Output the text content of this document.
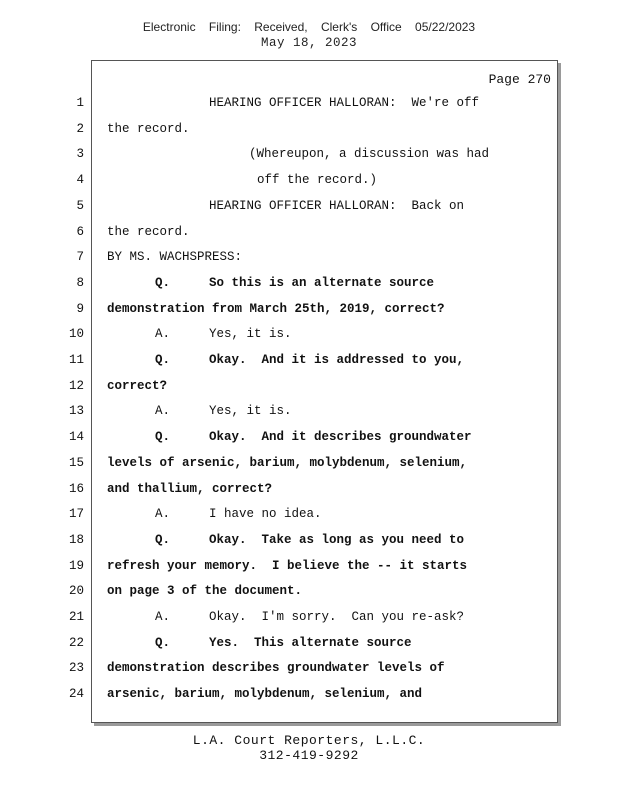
Electronic Filing: Received, Clerk's Office 05/22/2023
May 18, 2023
Page 270
1	HEARING OFFICER HALLORAN:  We're off
2 the record.
3	(Whereupon, a discussion was had
4	off the record.)
5	HEARING OFFICER HALLORAN:  Back on
6 the record.
7 BY MS. WACHSPRESS:
8	Q.	So this is an alternate source
9 demonstration from March 25th, 2019, correct?
10	A.	Yes, it is.
11	Q.	Okay.  And it is addressed to you,
12 correct?
13	A.	Yes, it is.
14	Q.	Okay.  And it describes groundwater
15 levels of arsenic, barium, molybdenum, selenium,
16 and thallium, correct?
17	A.	I have no idea.
18	Q.	Okay.  Take as long as you need to
19 refresh your memory.  I believe the -- it starts
20 on page 3 of the document.
21	A.	Okay.  I'm sorry.  Can you re-ask?
22	Q.	Yes.  This alternate source
23 demonstration describes groundwater levels of
24 arsenic, barium, molybdenum, selenium, and
L.A. Court Reporters, L.L.C.
312-419-9292
